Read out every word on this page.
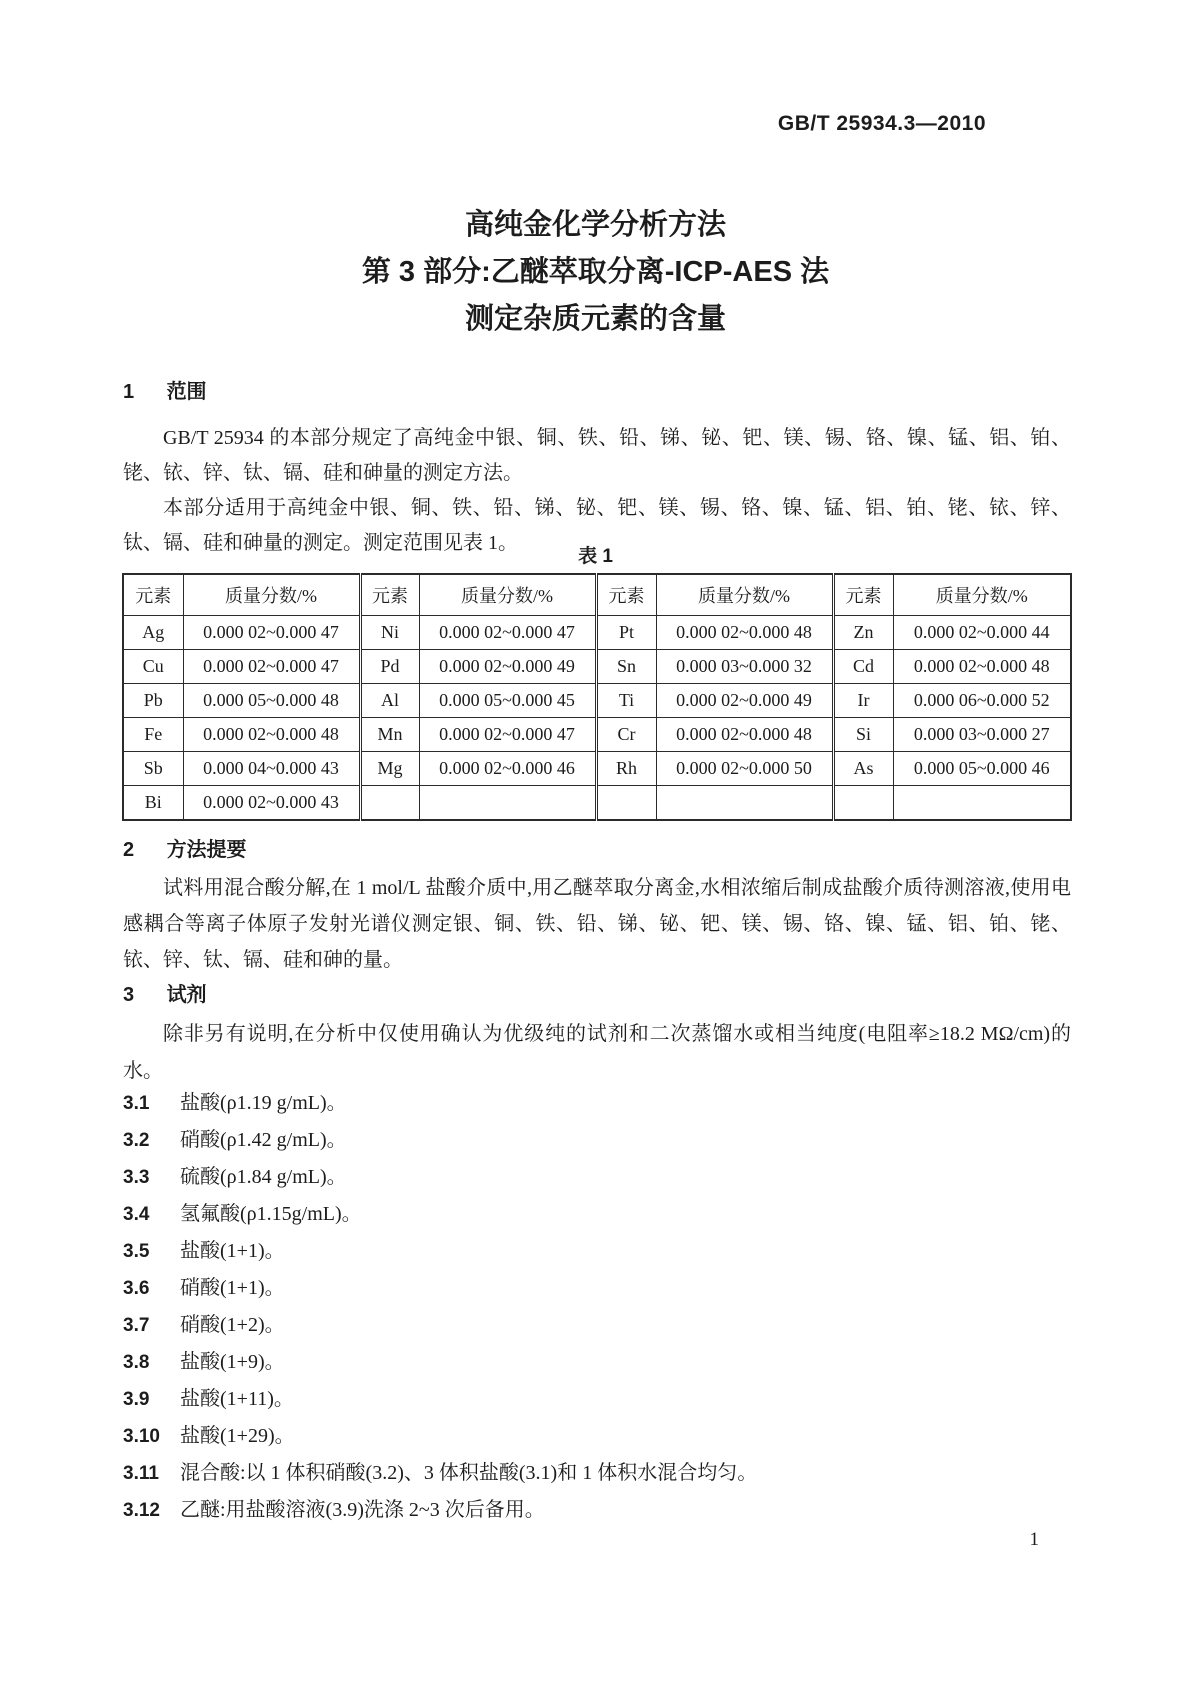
GB/T 25934.3—2010
高纯金化学分析方法
第 3 部分:乙醚萃取分离-ICP-AES 法
测定杂质元素的含量
1 范围

GB/T 25934 的本部分规定了高纯金中银、铜、铁、铅、锑、铋、钯、镁、锡、铬、镍、锰、铝、铂、铑、铱、锌、钛、镉、硅和砷量的测定方法。

本部分适用于高纯金中银、铜、铁、铅、锑、铋、钯、镁、锡、铬、镍、锰、铝、铂、铑、铱、锌、钛、镉、硅和砷量的测定。测定范围见表 1。

表 1
元素	质量分数/%	元素	质量分数/%	元素	质量分数/%	元素	质量分数/%
Ag	0.000 02~0.000 47	Ni	0.000 02~0.000 47	Pt	0.000 02~0.000 48	Zn	0.000 02~0.000 44
Cu	0.000 02~0.000 47	Pd	0.000 02~0.000 49	Sn	0.000 03~0.000 32	Cd	0.000 02~0.000 48
Pb	0.000 05~0.000 48	Al	0.000 05~0.000 45	Ti	0.000 02~0.000 49	Ir	0.000 06~0.000 52
Fe	0.000 02~0.000 48	Mn	0.000 02~0.000 47	Cr	0.000 02~0.000 48	Si	0.000 03~0.000 27
Sb	0.000 04~0.000 43	Mg	0.000 02~0.000 46	Rh	0.000 02~0.000 50	As	0.000 05~0.000 46
Bi	0.000 02~0.000 43						
2 方法提要

试料用混合酸分解,在 1 mol/L 盐酸介质中,用乙醚萃取分离金,水相浓缩后制成盐酸介质待测溶液,使用电感耦合等离子体原子发射光谱仪测定银、铜、铁、铅、锑、铋、钯、镁、锡、铬、镍、锰、铝、铂、铑、铱、锌、钛、镉、硅和砷的量。

3 试剂

除非另有说明,在分析中仅使用确认为优级纯的试剂和二次蒸馏水或相当纯度(电阻率≥18.2 MΩ/cm)的水。

3.1 盐酸(ρ1.19 g/mL)。
3.2 硝酸(ρ1.42 g/mL)。
3.3 硫酸(ρ1.84 g/mL)。
3.4 氢氟酸(ρ1.15g/mL)。
3.5 盐酸(1+1)。
3.6 硝酸(1+1)。
3.7 硝酸(1+2)。
3.8 盐酸(1+9)。
3.9 盐酸(1+11)。
3.10 盐酸(1+29)。
3.11 混合酸:以 1 体积硝酸(3.2)、3 体积盐酸(3.1)和 1 体积水混合均匀。
3.12 乙醚:用盐酸溶液(3.9)洗涤 2~3 次后备用。
1
